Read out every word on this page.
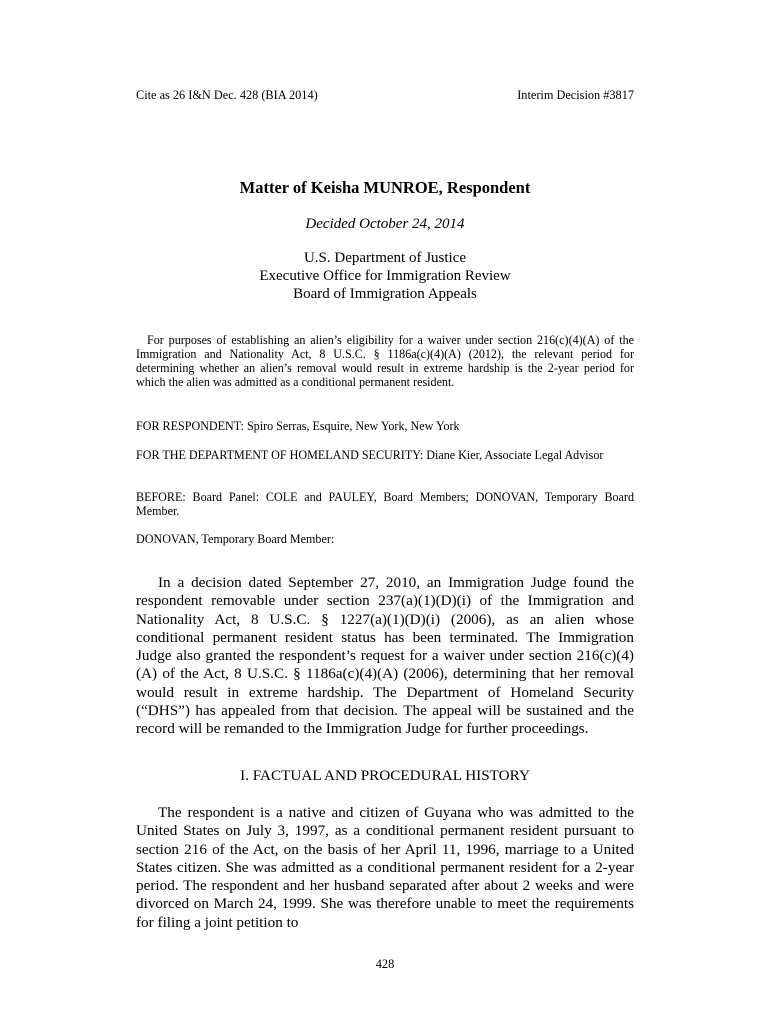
Cite as 26 I&N Dec. 428 (BIA 2014)	Interim Decision #3817
Matter of Keisha MUNROE, Respondent
Decided October 24, 2014
U.S. Department of Justice
Executive Office for Immigration Review
Board of Immigration Appeals
For purposes of establishing an alien’s eligibility for a waiver under section 216(c)(4)(A) of the Immigration and Nationality Act, 8 U.S.C. § 1186a(c)(4)(A) (2012), the relevant period for determining whether an alien’s removal would result in extreme hardship is the 2-year period for which the alien was admitted as a conditional permanent resident.
FOR RESPONDENT: Spiro Serras, Esquire, New York, New York
FOR THE DEPARTMENT OF HOMELAND SECURITY: Diane Kier, Associate Legal Advisor
BEFORE: Board Panel: COLE and PAULEY, Board Members; DONOVAN, Temporary Board Member.
DONOVAN, Temporary Board Member:
In a decision dated September 27, 2010, an Immigration Judge found the respondent removable under section 237(a)(1)(D)(i) of the Immigration and Nationality Act, 8 U.S.C. § 1227(a)(1)(D)(i) (2006), as an alien whose conditional permanent resident status has been terminated. The Immigration Judge also granted the respondent’s request for a waiver under section 216(c)(4)(A) of the Act, 8 U.S.C. § 1186a(c)(4)(A) (2006), determining that her removal would result in extreme hardship. The Department of Homeland Security (“DHS”) has appealed from that decision. The appeal will be sustained and the record will be remanded to the Immigration Judge for further proceedings.
I. FACTUAL AND PROCEDURAL HISTORY
The respondent is a native and citizen of Guyana who was admitted to the United States on July 3, 1997, as a conditional permanent resident pursuant to section 216 of the Act, on the basis of her April 11, 1996, marriage to a United States citizen. She was admitted as a conditional permanent resident for a 2-year period. The respondent and her husband separated after about 2 weeks and were divorced on March 24, 1999. She was therefore unable to meet the requirements for filing a joint petition to
428
